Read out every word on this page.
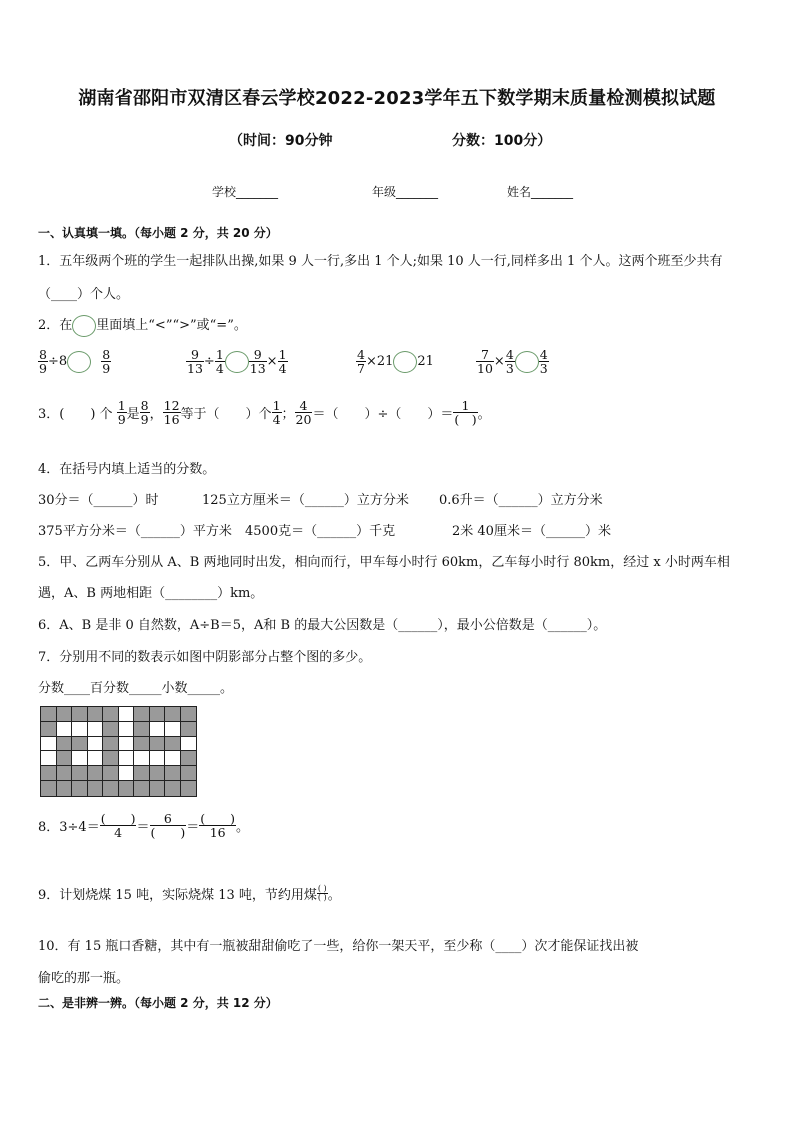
湖南省邵阳市双清区春云学校2022-2023学年五下数学期末质量检测模拟试题
（时间：90分钟	分数：100分）
学校_______	年级_______	姓名_______
一、认真填一填。（每小题 2 分，共 20 分）
1．五年级两个班的学生一起排队出操,如果 9 人一行,多出 1 个人;如果 10 人一行,同样多出 1 个人。这两个班至少共有
（____）个人。
2．在 里面填上“<”“>”或“=”。
$\frac{8}{9} \div 8$	$\frac{8}{9}$	$\frac{9}{13} \div \frac{1}{4} \frac{9}{13} \times \frac{1}{4}$	$\frac{4}{7} \times 21$ 21	$\frac{7}{10} \times \frac{4}{3} \frac{4}{3}$
3．(　　) 个 $\frac{1}{9}$ 是 $\frac{8}{9}$ ， $\frac{12}{16}$ 等于（　　）个 $\frac{1}{4}$ ； $\frac{4}{20}$ ＝（　　）÷（　　）＝ $\frac{1}{( )}$ 。
4．在括号内填上适当的分数。
30分＝（______）时	125立方厘米＝（______）立方分米 0.6升＝（______）立方分米
375平方分米＝（______）平方米 4500克＝（______）千克	2米 40厘米＝（______）米
5．甲、乙两车分别从 A、B 两地同时出发，相向而行，甲车每小时行 60km，乙车每小时行 80km，经过 x 小时两车相
遇，A、B 两地相距（________）km。
6．A、B 是非 0 自然数，A÷B＝5，A和 B 的最大公因数是（______），最小公倍数是（______）。
7．分别用不同的数表示如图中阴影部分占整个图的多少。
分数____百分数_____小数_____。
8．$3\div 4= \frac{( )}{4} = \frac{6}{( )} = \frac{( )}{16}$ 。
9．计划烧煤 15 吨，实际烧煤 13 吨，节约用煤 $\frac{( )}{( )}$ 。
10．有 15 瓶口香糖，其中有一瓶被甜甜偷吃了一些，给你一架天平，至少称（____）次才能保证找出被
偷吃的那一瓶。
二、是非辨一辨。（每小题 2 分，共 12 分）
